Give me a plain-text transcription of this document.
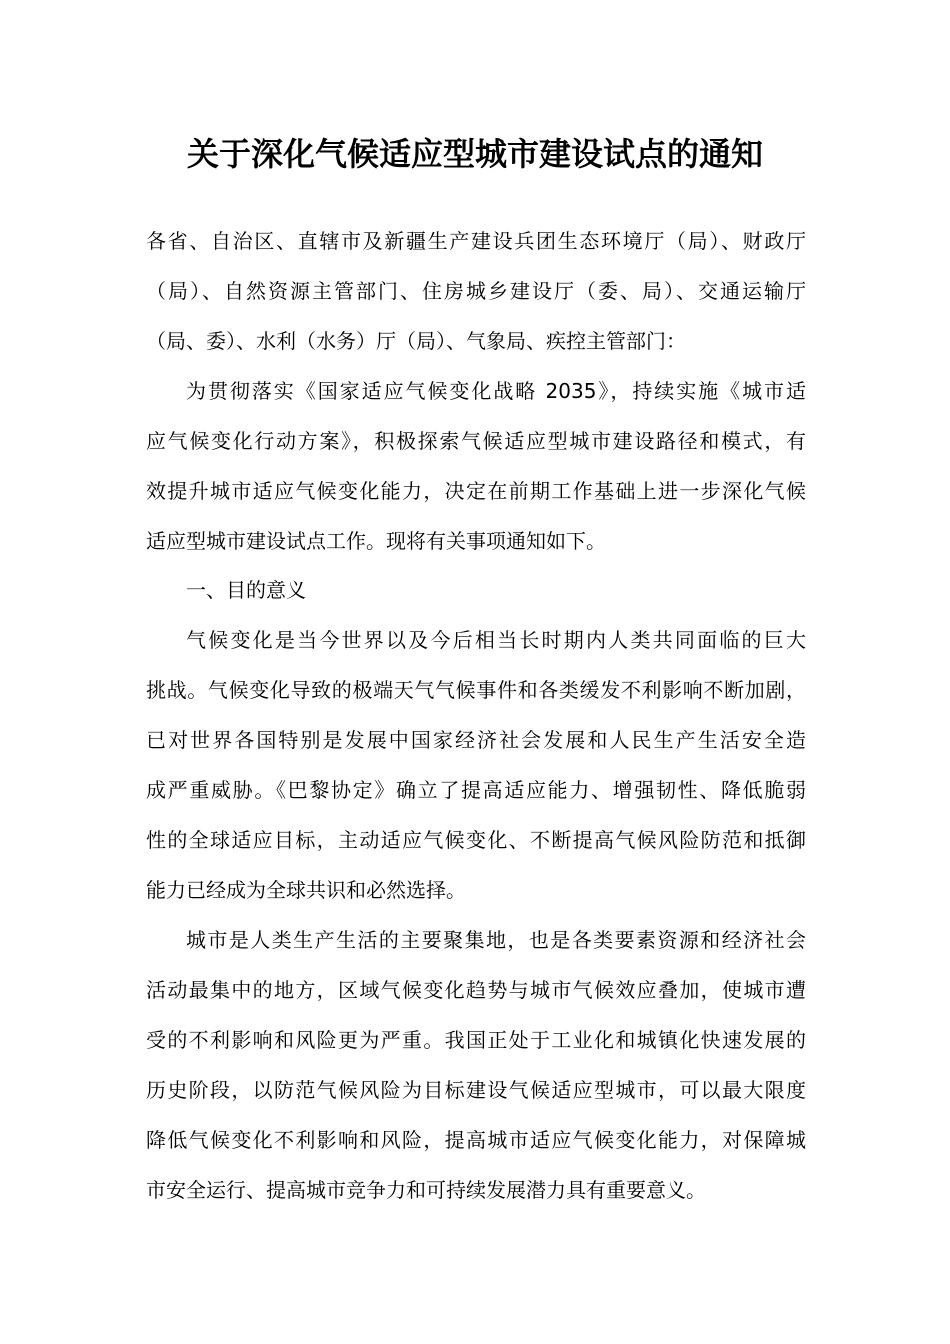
关于深化气候适应型城市建设试点的通知
各省、自治区、直辖市及新疆生产建设兵团生态环境厅（局）、财政厅
（局）、自然资源主管部门、住房城乡建设厅（委、局）、交通运输厅
（局、委）、水利（水务）厅（局）、气象局、疾控主管部门：
为贯彻落实《国家适应气候变化战略 2035》，持续实施《城市适
应气候变化行动方案》，积极探索气候适应型城市建设路径和模式，有
效提升城市适应气候变化能力，决定在前期工作基础上进一步深化气候
适应型城市建设试点工作。现将有关事项通知如下。
一、目的意义
气候变化是当今世界以及今后相当长时期内人类共同面临的巨大
挑战。气候变化导致的极端天气气候事件和各类缓发不利影响不断加剧，
已对世界各国特别是发展中国家经济社会发展和人民生产生活安全造
成严重威胁。《巴黎协定》确立了提高适应能力、增强韧性、降低脆弱
性的全球适应目标，主动适应气候变化、不断提高气候风险防范和抵御
能力已经成为全球共识和必然选择。
城市是人类生产生活的主要聚集地，也是各类要素资源和经济社会
活动最集中的地方，区域气候变化趋势与城市气候效应叠加，使城市遭
受的不利影响和风险更为严重。我国正处于工业化和城镇化快速发展的
历史阶段，以防范气候风险为目标建设气候适应型城市，可以最大限度
降低气候变化不利影响和风险，提高城市适应气候变化能力，对保障城
市安全运行、提高城市竞争力和可持续发展潜力具有重要意义。
